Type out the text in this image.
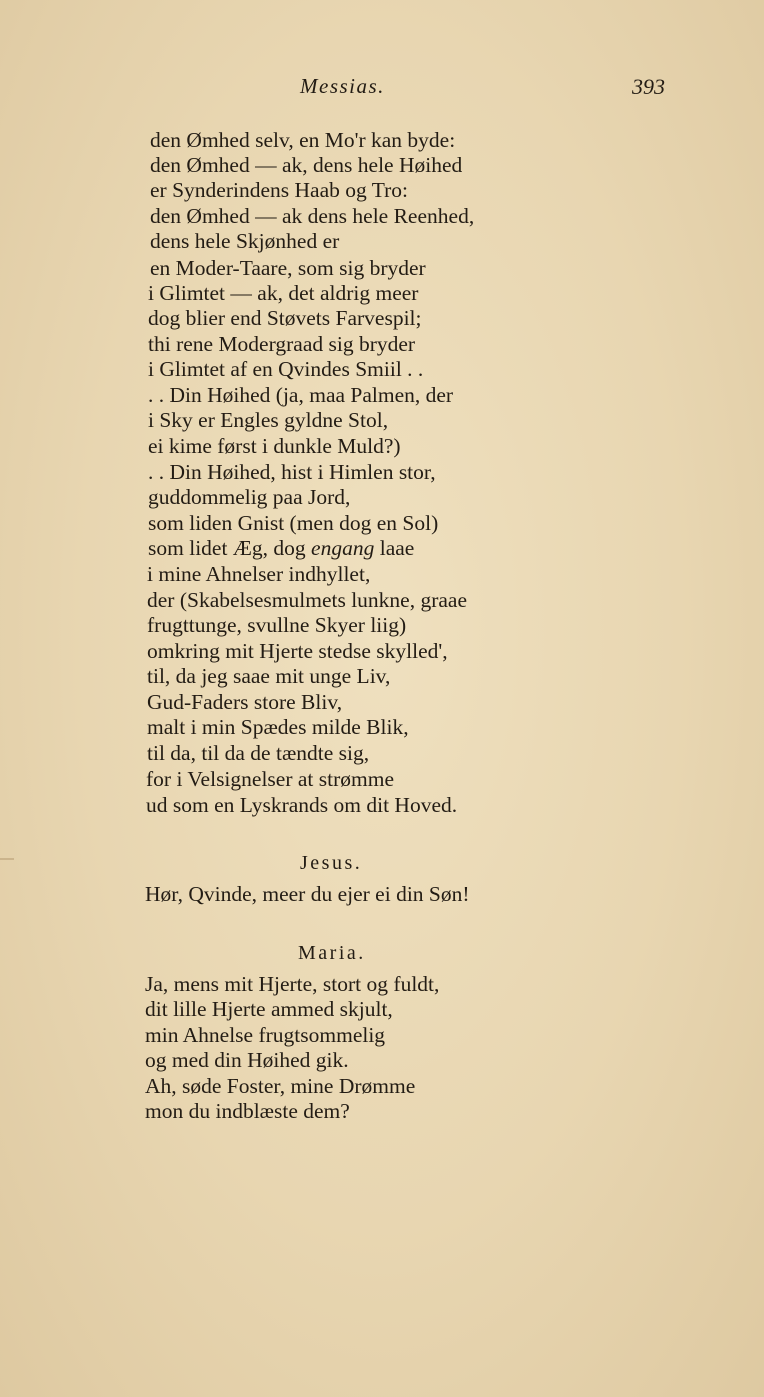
Messias.	393
den Ømhed selv, en Mo'r kan byde:
den Ømhed — ak, dens hele Høihed
er Synderindens Haab og Tro:
den Ømhed — ak dens hele Reenhed,
dens hele Skjønhed er
en Moder-Taare, som sig bryder
i Glimtet — ak, det aldrig meer
dog blier end Støvets Farvespil;
thi rene Modergraad sig bryder
i Glimtet af en Qvindes Smiil . .
. . Din Høihed (ja, maa Palmen, der
i Sky er Engles gyldne Stol,
ei kime først i dunkle Muld?)
. . Din Høihed, hist i Himlen stor,
guddommelig paa Jord,
som liden Gnist (men dog en Sol)
som lidet Æg, dog engang laae
i mine Ahnelser indhyllet,
der (Skabelsesmulmets lunkne, graae
frugttunge, svullne Skyer liig)
omkring mit Hjerte stedse skylled',
til, da jeg saae mit unge Liv,
Gud-Faders store Bliv,
malt i min Spædes milde Blik,
til da, til da de tændte sig,
for i Velsignelser at strømme
ud som en Lyskrands om dit Hoved.
Jesus.
Hør, Qvinde, meer du ejer ei din Søn!
Maria.
Ja, mens mit Hjerte, stort og fuldt,
dit lille Hjerte ammed skjult,
min Ahnelse frugtsommelig
og med din Høihed gik.
Ah, søde Foster, mine Drømme
mon du indblæste dem?
